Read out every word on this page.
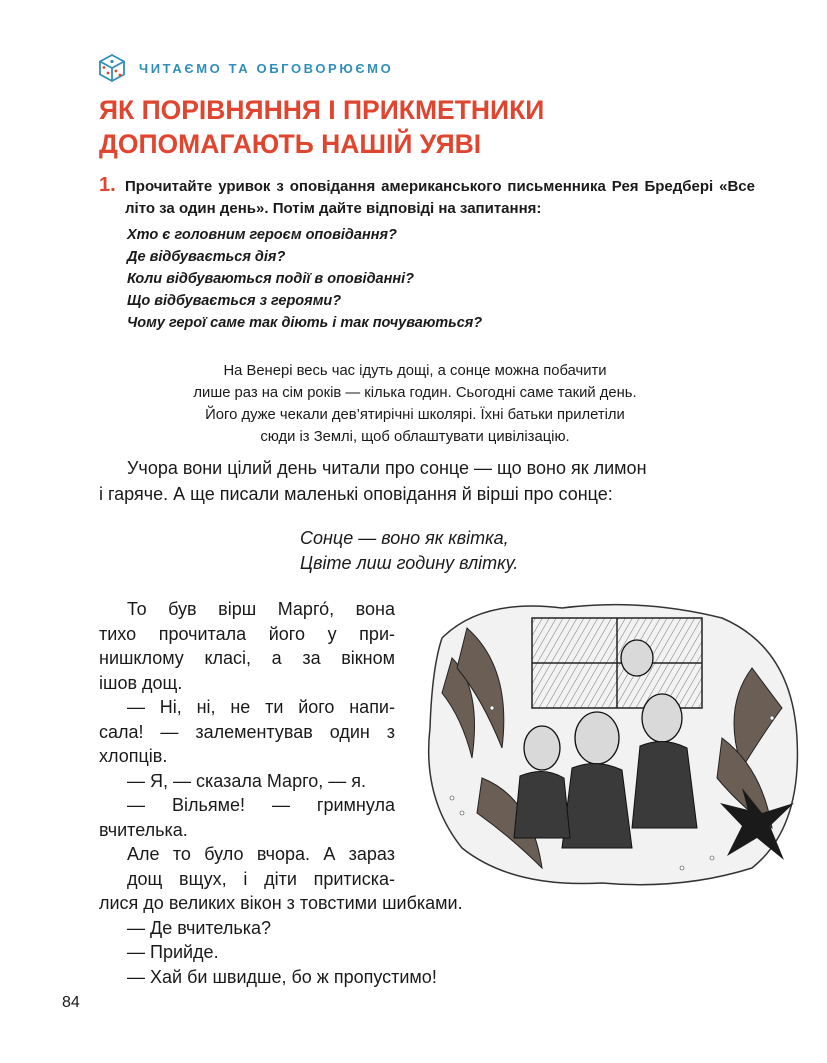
ЧИТАЄМО ТА ОБГОВОРЮЄМО
ЯК ПОРІВНЯННЯ І ПРИКМЕТНИКИ
ДОПОМАГАЮТЬ НАШІЙ УЯВІ
1. Прочитайте уривок з оповідання американського письменника Рея Бредбері «Все літо за один день». Потім дайте відповіді на запитання:
Хто є головним героєм оповідання?
Де відбувається дія?
Коли відбуваються події в оповіданні?
Що відбувається з героями?
Чому герої саме так діють і так почуваються?
На Венері весь час ідуть дощі, а сонце можна побачити
лише раз на сім років — кілька годин. Сьогодні саме такий день.
Його дуже чекали дев’ятирічні школярі. Їхні батьки прилетіли
сюди із Землі, щоб облаштувати цивілізацію.
Учора вони цілий день читали про сонце — що воно як лимон
і гаряче. А ще писали маленькі оповідання й вірші про сонце:
Сонце — воно як квітка,
Цвіте лиш годину влітку.
То був вірш Марго́, вона
тихо прочитала його у при-
нишклому класі, а за вікном
ішов дощ.
— Ні, ні, не ти його напи-
сала! — залементував один з
хлопців.
— Я, — сказала Марго, — я.
— Вільяме! — гримнула
вчителька.
Але то було вчора. А зараз
дощ вщух, і діти притиска-
лися до великих вікон з товстими шибками.
— Де вчителька?
— Прийде.
— Хай би швидше, бо ж пропустимо!
84
